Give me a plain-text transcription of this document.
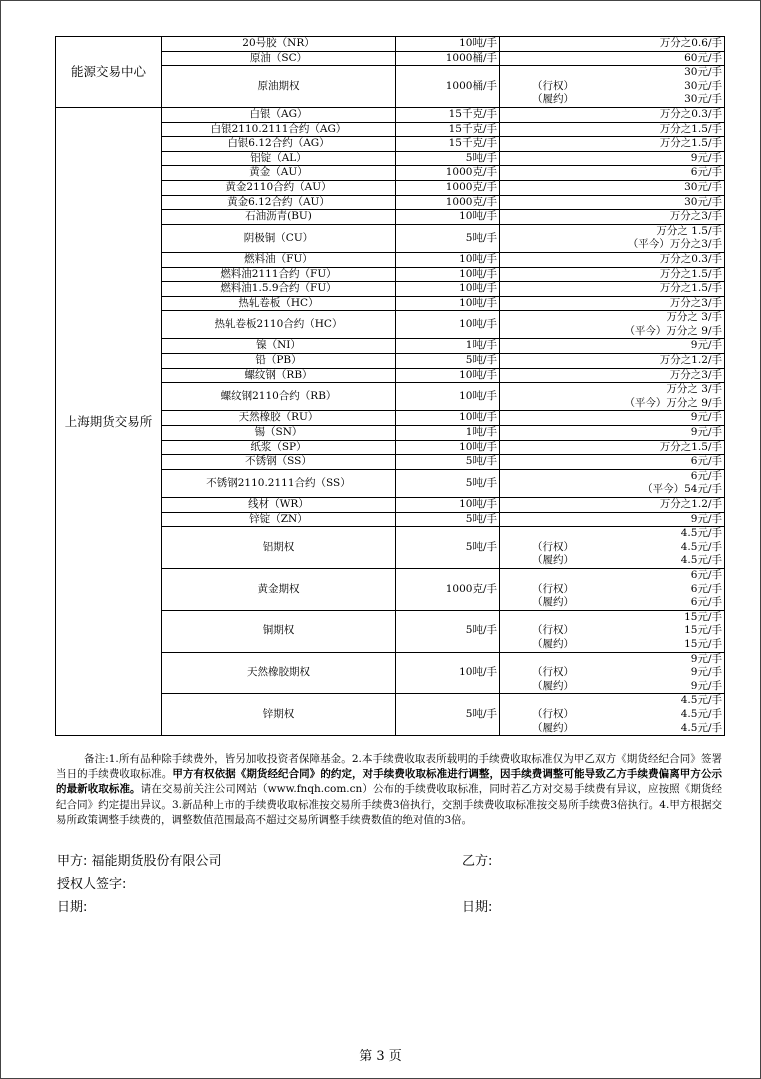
能源交易中心	20号胶（NR）	10吨/手	万分之0.6/手

	原油（SC）	1000桶/手	60元/手

	原油期权	1000桶/手	30元/手
（行权） 30元/手
（履约） 30元/手

上海期货交易所	白银（AG）	15千克/手	万分之0.3/手

	白银2110.2111合约（AG）	15千克/手	万分之1.5/手

	白银6.12合约（AG）	15千克/手	万分之1.5/手

	铝锭（AL）	5吨/手	9元/手

	黄金（AU）	1000克/手	6元/手

	黄金2110合约（AU）	1000克/手	30元/手

	黄金6.12合约（AU）	1000克/手	30元/手

	石油沥青(BU)	10吨/手	万分之3/手

	阴极铜（CU）	5吨/手	万分之 1.5/手
（平今）万分之3/手

	燃料油（FU）	10吨/手	万分之0.3/手

	燃料油2111合约（FU）	10吨/手	万分之1.5/手

	燃料油1.5.9合约（FU）	10吨/手	万分之1.5/手

	热轧卷板（HC）	10吨/手	万分之3/手

	热轧卷板2110合约（HC）	10吨/手	万分之 3/手
（平今）万分之 9/手

	镍（NI）	1吨/手	9元/手

	铅（PB）	5吨/手	万分之1.2/手

	螺纹钢（RB）	10吨/手	万分之3/手

	螺纹钢2110合约（RB）	10吨/手	万分之 3/手
（平今）万分之 9/手

	天然橡胶（RU）	10吨/手	9元/手

	锡（SN）	1吨/手	9元/手

	纸浆（SP）	10吨/手	万分之1.5/手

	不锈钢（SS）	5吨/手	6元/手

	不锈钢2110.2111合约（SS）	5吨/手	6元/手
（平今）54元/手

	线材（WR）	10吨/手	万分之1.2/手

	锌锭（ZN）	5吨/手	9元/手

	铝期权	5吨/手	4.5元/手
（行权） 4.5元/手
（履约） 4.5元/手

	黄金期权	1000克/手	6元/手
（行权） 6元/手
（履约） 6元/手

	铜期权	5吨/手	15元/手
（行权） 15元/手
（履约） 15元/手

	天然橡胶期权	10吨/手	9元/手
（行权） 9元/手
（履约） 9元/手

	锌期权	5吨/手	4.5元/手
（行权） 4.5元/手
（履约） 4.5元/手
备注:1.所有品种除手续费外，皆另加收投资者保障基金。2.本手续费收取表所载明的手续费收取标准仅为甲乙双方《期货经纪合同》签署当日的手续费收取标准。甲方有权依据《期货经纪合同》的约定，对手续费收取标准进行调整，因手续费调整可能导致乙方手续费偏离甲方公示的最新收取标准。请在交易前关注公司网站（www.fnqh.com.cn）公布的手续费收取标准，同时若乙方对交易手续费有异议，应按照《期货经纪合同》约定提出异议。3.新品种上市的手续费收取标准按交易所手续费3倍执行，交割手续费收取标准按交易所手续费3倍执行。4.甲方根据交易所政策调整手续费的，调整数值范围最高不超过交易所调整手续费数值的绝对值的3倍。
甲方: 福能期货股份有限公司	乙方:
授权人签字:
日期:	日期:
第 3 页
